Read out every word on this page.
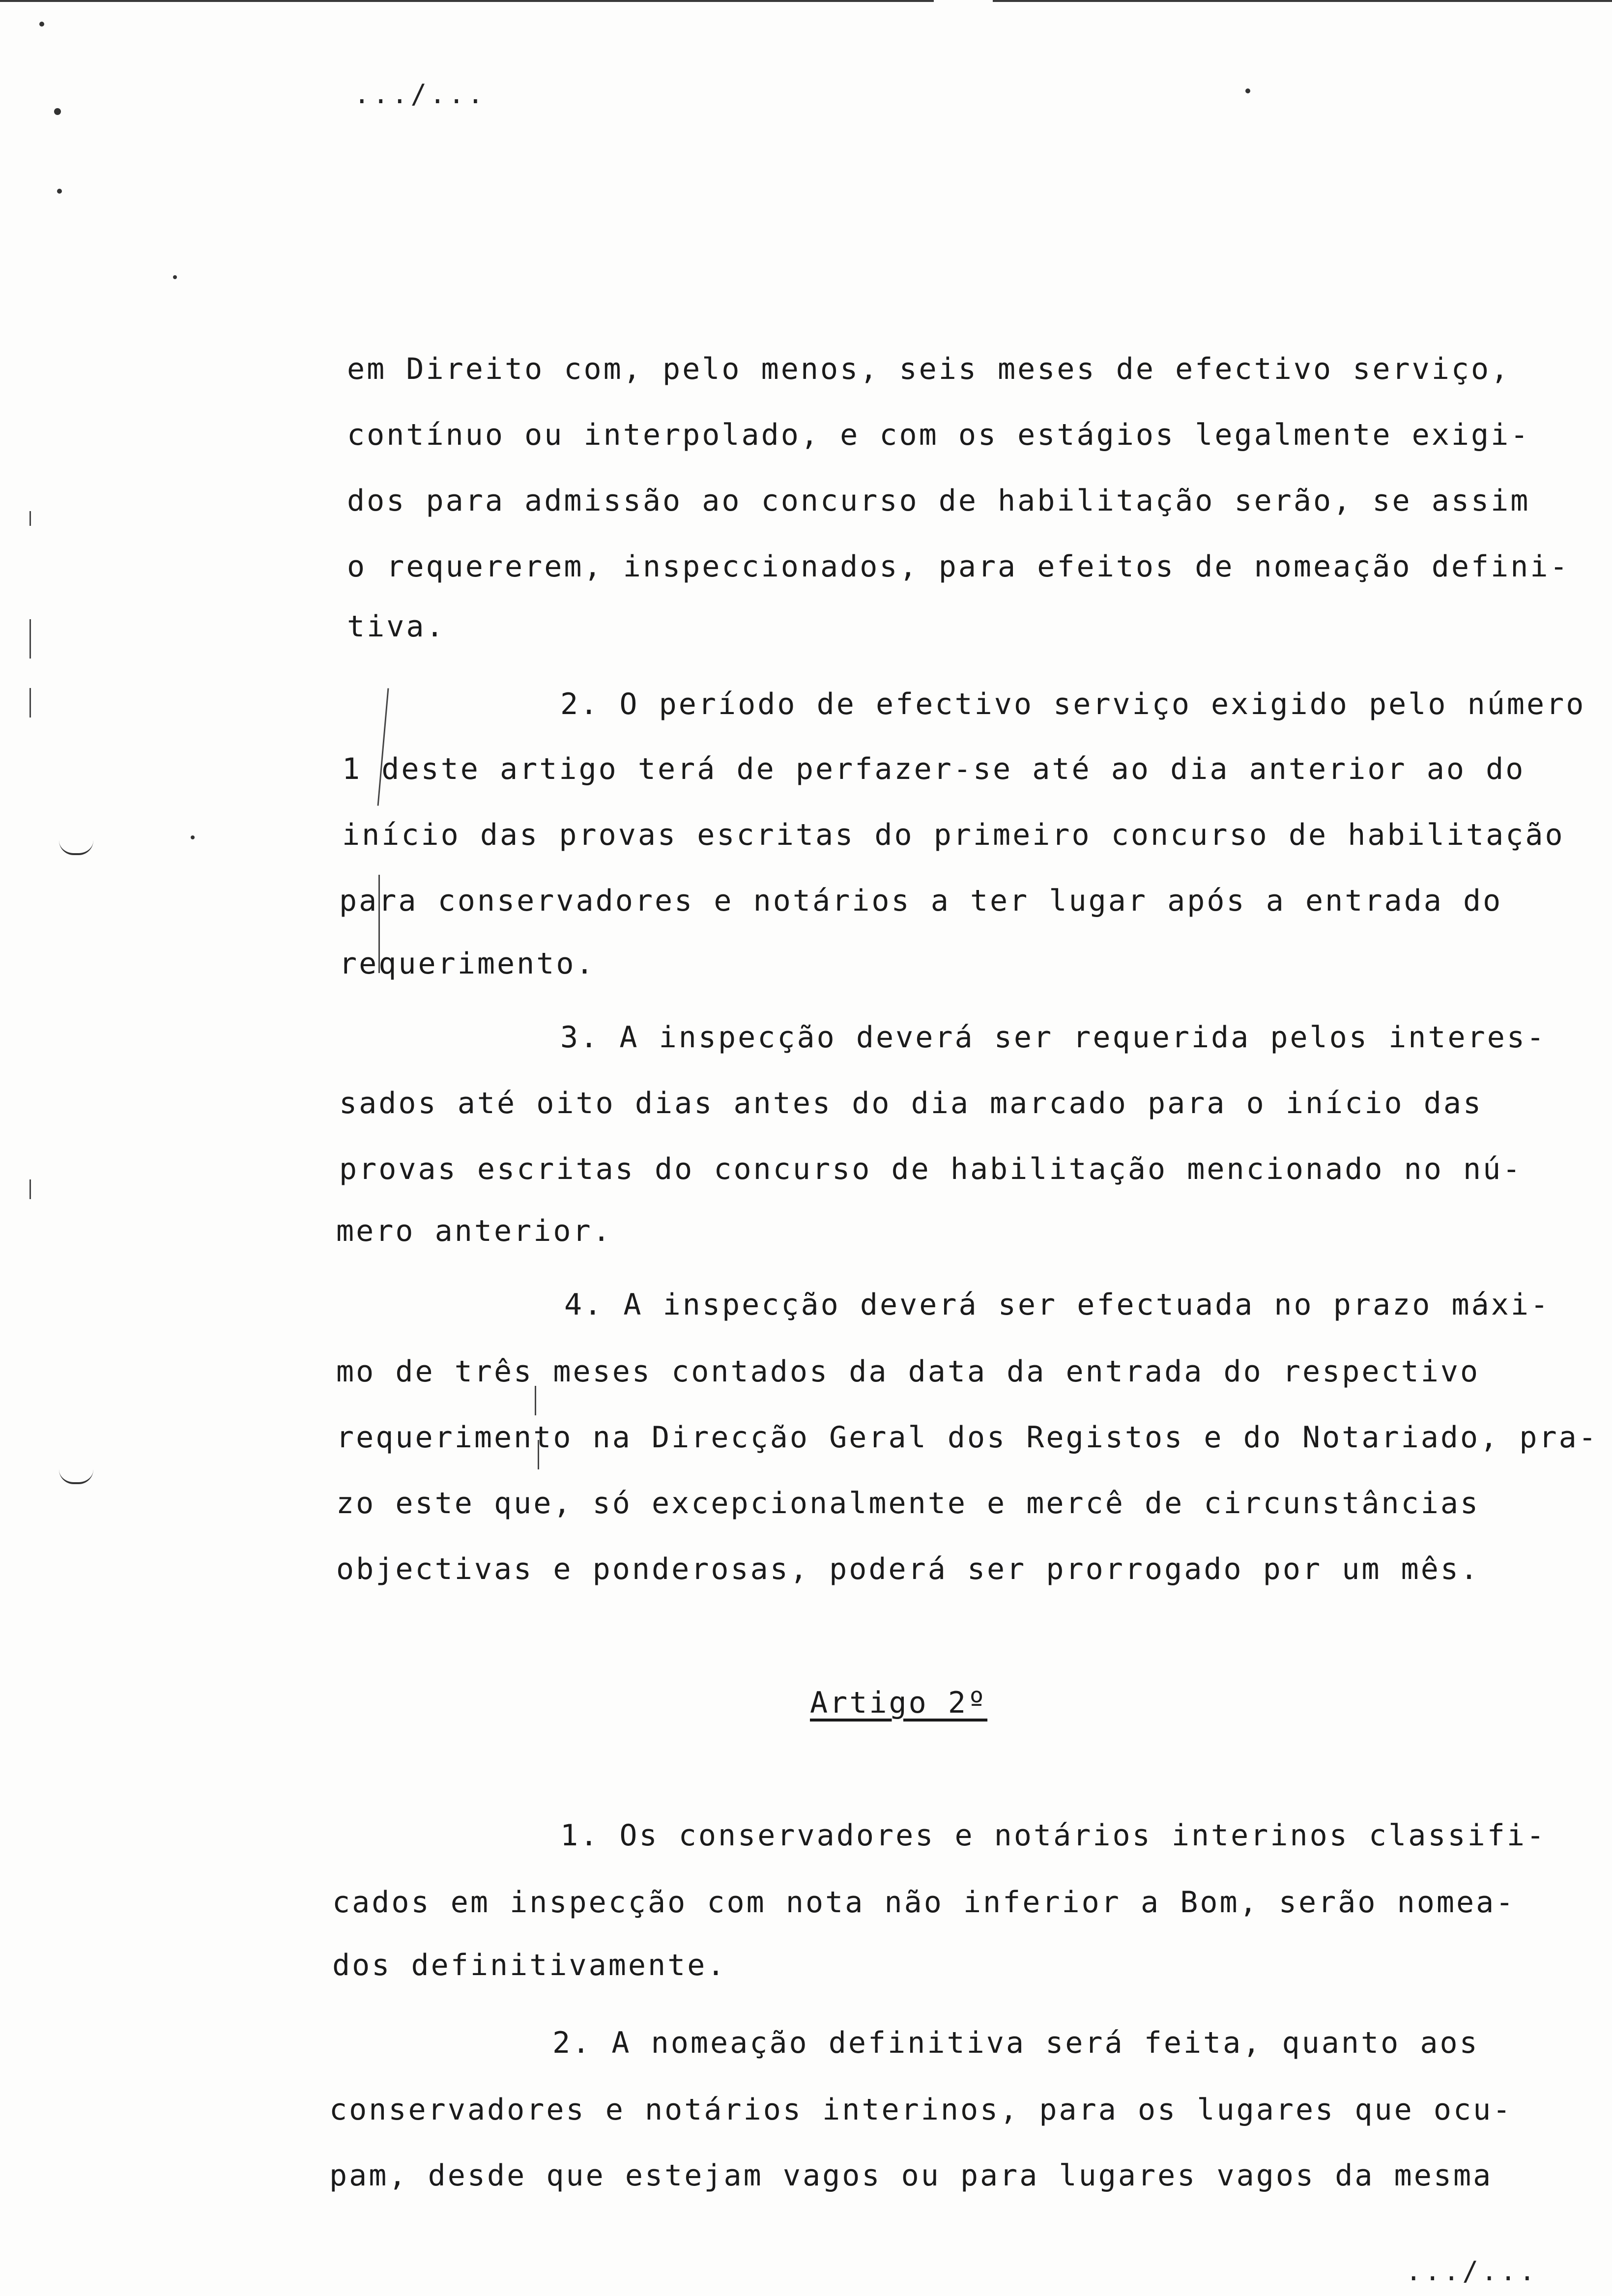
.../...
em Direito com, pelo menos, seis meses de efectivo serviço,
contínuo ou interpolado, e com os estágios legalmente exigi-
dos para admissão ao concurso de habilitação serão, se assim
o requererem, inspeccionados, para efeitos de nomeação defini-
tiva.
2. O período de efectivo serviço exigido pelo número
1 deste artigo terá de perfazer-se até ao dia anterior ao do
início das provas escritas do primeiro concurso de habilitação
para conservadores e notários a ter lugar após a entrada do
requerimento.
3. A inspecção deverá ser requerida pelos interes-
sados até oito dias antes do dia marcado para o início das
provas escritas do concurso de habilitação mencionado no nú-
mero anterior.
4. A inspecção deverá ser efectuada no prazo máxi-
mo de três meses contados da data da entrada do respectivo
requerimento na Direcção Geral dos Registos e do Notariado, pra-
zo este que, só excepcionalmente e mercê de circunstâncias
objectivas e ponderosas, poderá ser prorrogado por um mês.
Artigo 2º
1. Os conservadores e notários interinos classifi-
cados em inspecção com nota não inferior a Bom, serão nomea-
dos definitivamente.
2. A nomeação definitiva será feita, quanto aos
conservadores e notários interinos, para os lugares que ocu-
pam, desde que estejam vagos ou para lugares vagos da mesma
.../...
